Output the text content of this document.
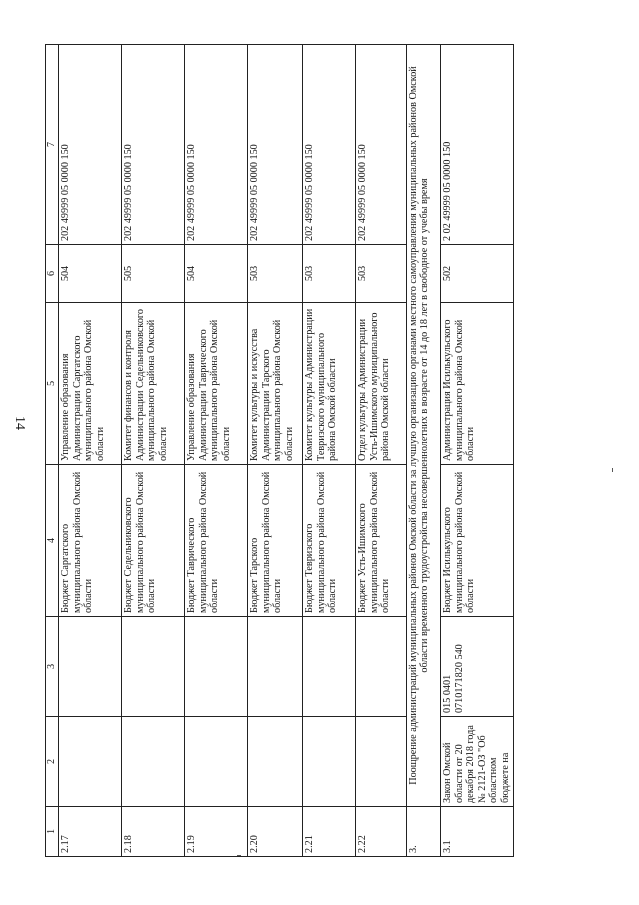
14
1	2	3	4	5	6	7
2.17			Бюджет Саргатского муниципального района Омской области	Управление образования Администрации Саргатского муниципального района Омской области	504	202 49999 05 0000 150
2.18			Бюджет Седельниковского муниципального района Омской области	Комитет финансов и контроля Администрации Седельниковского муниципального района Омской области	505	202 49999 05 0000 150
2.19			Бюджет Таврического муниципального района Омской области	Управление образования Администрации Таврического муниципального района Омской области	504	202 49999 05 0000 150
2.20			Бюджет Тарского муниципального района Омской области	Комитет культуры и искусства Администрации Тарского муниципального района Омской области	503	202 49999 05 0000 150
2.21			Бюджет Тевризского муниципального района Омской области	Комитет культуры Администрации Тевризского муниципального района Омской области	503	202 49999 05 0000 150
2.22			Бюджет Усть-Ишимского муниципального района Омской области	Отдел культуры Администрации Усть-Ишимского муниципального района Омской области	503	202 49999 05 0000 150
3.	Поощрение администраций муниципальных районов Омской области за лучшую организацию органами местного самоуправления муниципальных районов Омской области временного трудоустройства несовершеннолетних в возрасте от 14 до 18 лет в свободное от учебы время					
3.1	Закон Омской области от 20 декабря 2018 года № 2121-ОЗ "Об областном бюджете на	015 0401 0710171820 540	Бюджет Исилькульского муниципального района Омской области	Администрация Исилькульского муниципального района Омской области	502	2 02 49999 05 0000 150
